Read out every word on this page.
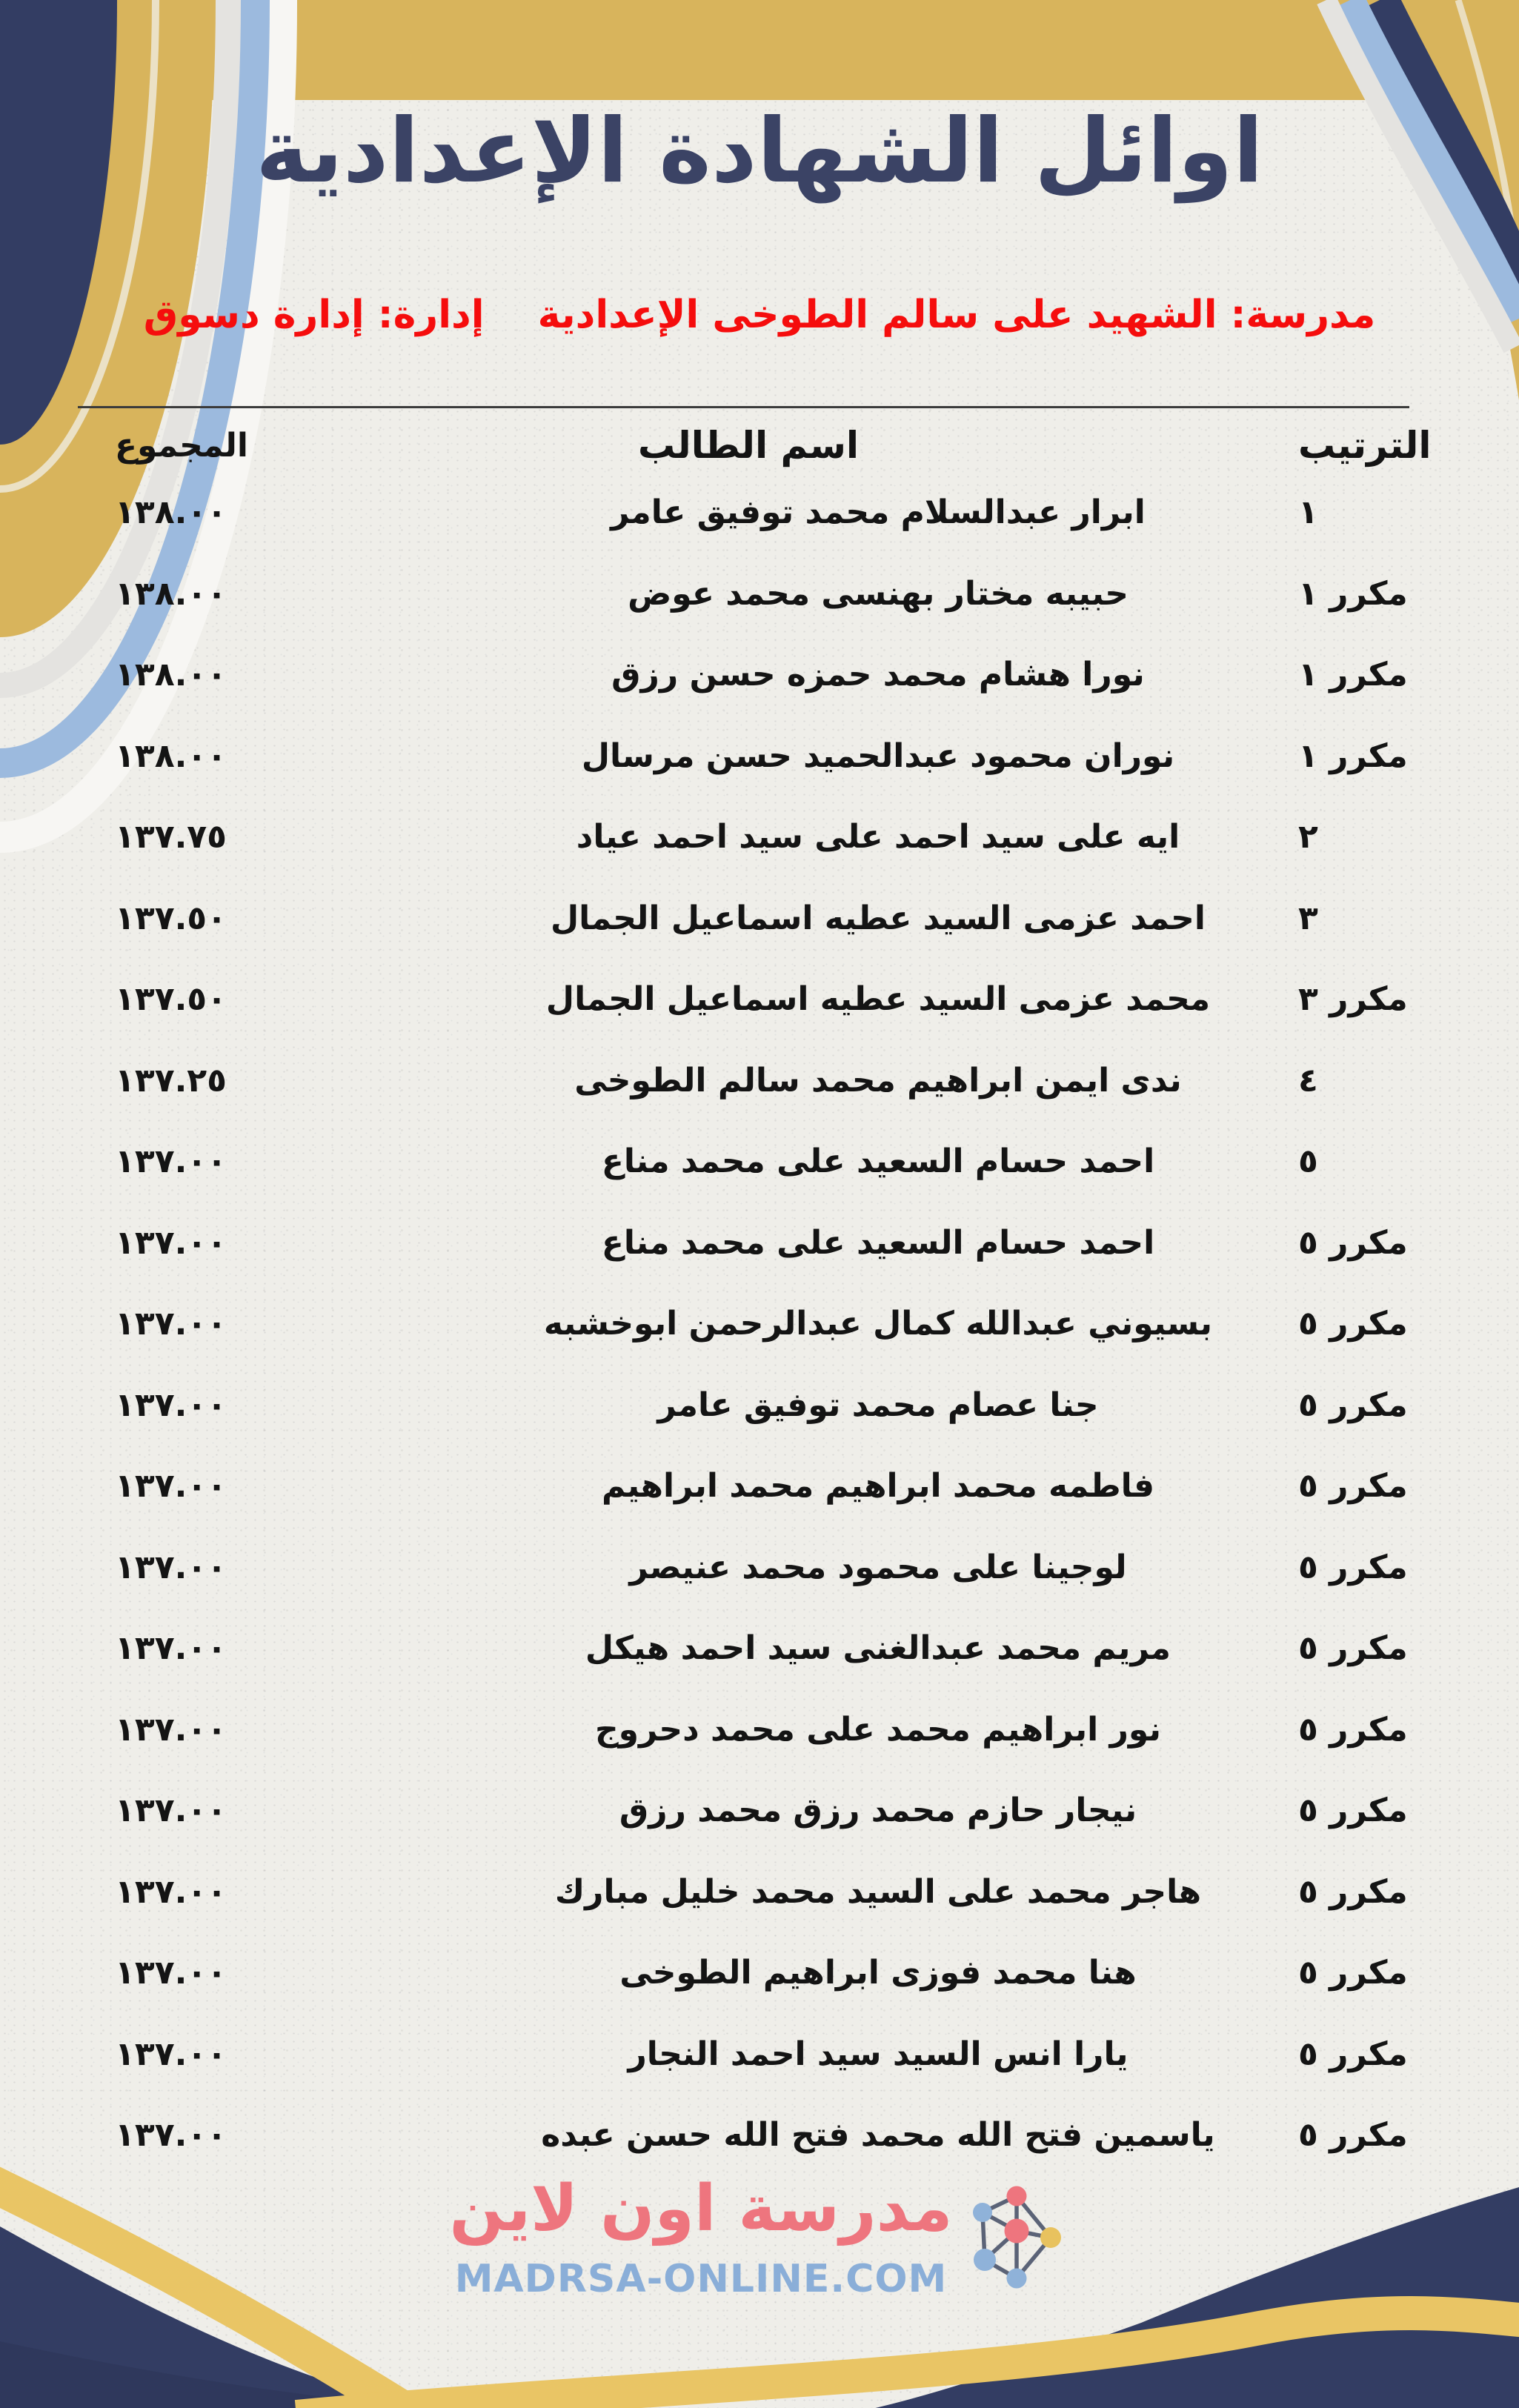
اوائل الشهادة الإعدادية
مدرسة: الشهيد على سالم الطوخى الإعدادية
إدارة: إدارة دسوق
الترتيب
اسم الطالب
المجموع
١
ابرار عبدالسلام محمد توفيق عامر
١٣٨.٠٠
مكرر ١
حبيبه مختار بهنسى محمد عوض
١٣٨.٠٠
مكرر ١
نورا هشام محمد حمزه حسن رزق
١٣٨.٠٠
مكرر ١
نوران محمود عبدالحميد حسن مرسال
١٣٨.٠٠
٢
ايه على سيد احمد على سيد احمد عياد
١٣٧.٧٥
٣
احمد عزمى السيد عطيه اسماعيل الجمال
١٣٧.٥٠
مكرر ٣
محمد عزمى السيد عطيه اسماعيل الجمال
١٣٧.٥٠
٤
ندى ايمن ابراهيم محمد سالم الطوخى
١٣٧.٢٥
٥
احمد حسام السعيد على محمد مناع
١٣٧.٠٠
مكرر ٥
احمد حسام السعيد على محمد مناع
١٣٧.٠٠
مكرر ٥
بسيوني عبدالله كمال عبدالرحمن ابوخشبه
١٣٧.٠٠
مكرر ٥
جنا عصام محمد توفيق عامر
١٣٧.٠٠
مكرر ٥
فاطمه محمد ابراهيم محمد ابراهيم
١٣٧.٠٠
مكرر ٥
لوجينا على محمود محمد عنيصر
١٣٧.٠٠
مكرر ٥
مريم محمد عبدالغنى سيد احمد هيكل
١٣٧.٠٠
مكرر ٥
نور ابراهيم محمد على محمد دحروج
١٣٧.٠٠
مكرر ٥
نيجار حازم محمد رزق محمد رزق
١٣٧.٠٠
مكرر ٥
هاجر محمد على السيد محمد خليل مبارك
١٣٧.٠٠
مكرر ٥
هنا محمد فوزى ابراهيم الطوخى
١٣٧.٠٠
مكرر ٥
يارا انس السيد سيد احمد النجار
١٣٧.٠٠
مكرر ٥
ياسمين فتح الله محمد فتح الله حسن عبده
١٣٧.٠٠
مدرسة اون لاين
MADRSA-ONLINE.COM
